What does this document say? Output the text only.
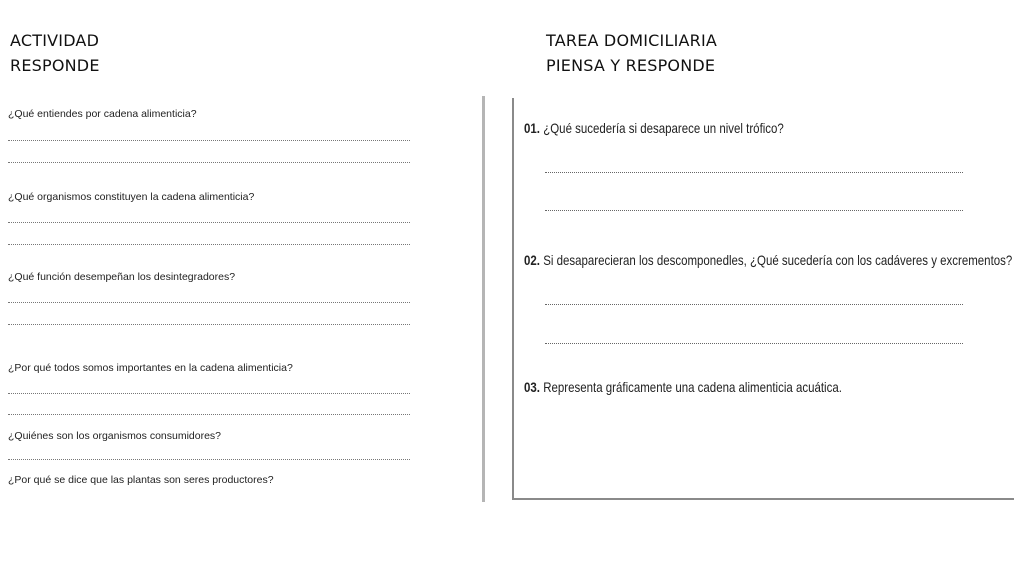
ACTIVIDAD
RESPONDE
¿Qué entiendes por cadena alimenticia?
¿Qué organismos constituyen la cadena alimenticia?
¿Qué función desempeñan los desintegradores?
¿Por qué todos somos importantes en la cadena alimenticia?
¿Quiénes son los organismos consumidores?
¿Por qué se dice que las plantas son seres productores?
TAREA DOMICILIARIA
PIENSA Y RESPONDE
01. ¿Qué sucedería si desaparece un nivel trófico?
02. Si desaparecieran los descomponedles, ¿Qué sucedería con los cadáveres y excrementos?
03. Representa gráficamente una cadena alimenticia acuática.
